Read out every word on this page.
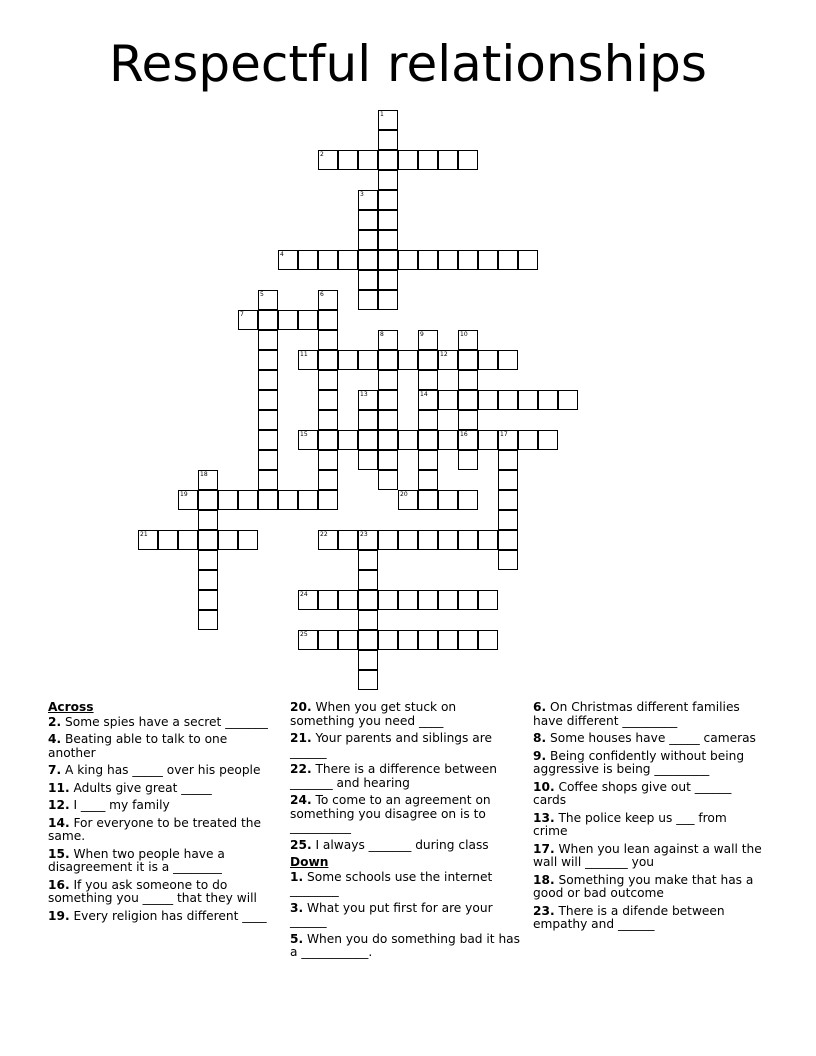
Respectful relationships
1
2
3
4
5	6
7
8	9
14
10
16
11	12
13
15	17
18
19	20
21	22	23
24
25
Across
2. Some spies have a secret _______
4. Beating able to talk to one another
7. A king has _____ over his people
11. Adults give great _____
12. I ____ my family
14. For everyone to be treated the same.
15. When two people have a disagreement it is a ________
16. If you ask someone to do something you _____ that they will
19. Every religion has different ____
20. When you get stuck on something you need ____
21. Your parents and siblings are ______
22. There is a difference between _______ and hearing
24. To come to an agreement on something you disagree on is to __________
25. I always _______ during class
Down
1. Some schools use the internet ________
3. What you put first for are your ______
5. When you do something bad it has a ___________.
6. On Christmas different families have different _________
8. Some houses have _____ cameras
9. Being confidently without being aggressive is being _________
10. Coffee shops give out ______ cards
13. The police keep us ___ from crime
17. When you lean against a wall the wall will _______ you
18. Something you make that has a good or bad outcome
23. There is a difende between empathy and ______
